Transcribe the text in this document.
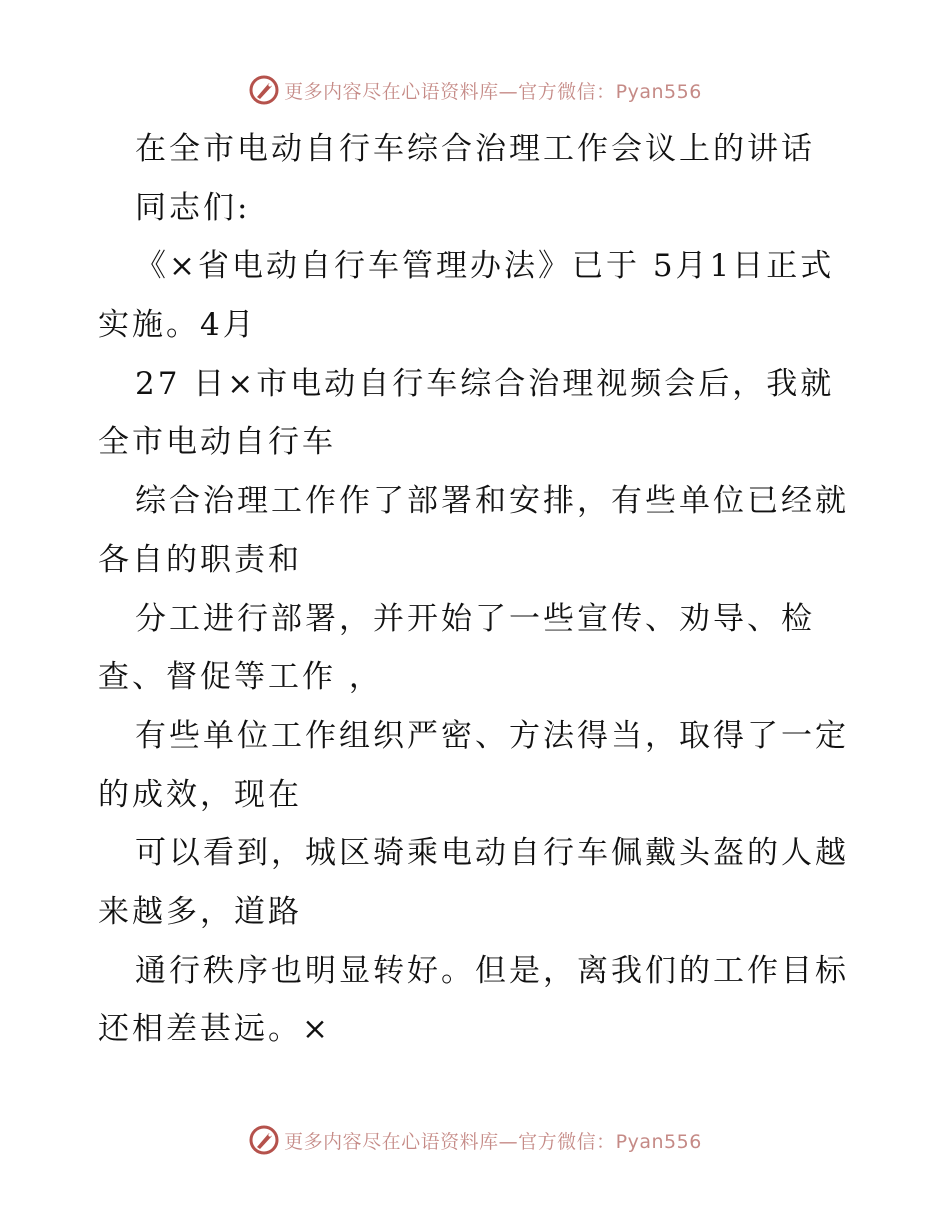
更多内容尽在心语资料库—官方微信：Pyan556
在全市电动自行车综合治理工作会议上的讲话
同志们:
《×省电动自行车管理办法》已于 5月1日正式
实施。4月
27 日×市电动自行车综合治理视频会后，我就
全市电动自行车
综合治理工作作了部署和安排，有些单位已经就
各自的职责和
分工进行部署，并开始了一些宣传、劝导、检
查、督促等工作 ，
有些单位工作组织严密、方法得当，取得了一定
的成效，现在
可以看到，城区骑乘电动自行车佩戴头盔的人越
来越多，道路
通行秩序也明显转好。但是，离我们的工作目标
还相差甚远。×
更多内容尽在心语资料库—官方微信：Pyan556
